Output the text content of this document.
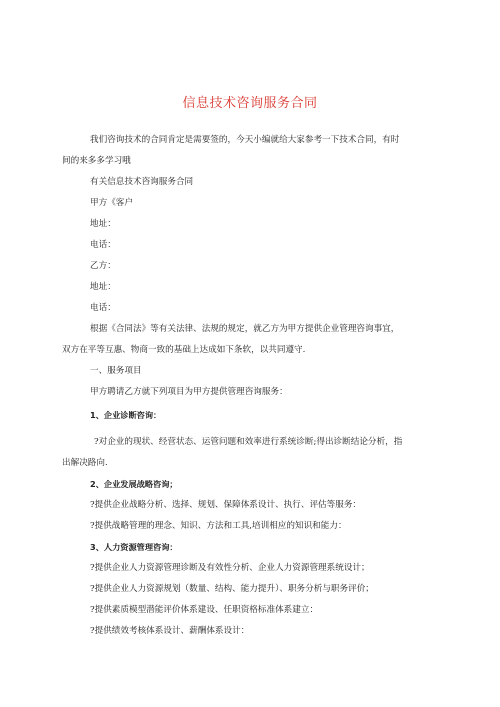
信息技术咨询服务合同
我们咨询技术的合同肯定是需要签的，今天小编就给大家参考一下技术合同，有时
间的来多多学习哦
有关信息技术咨询服务合同
甲方《客户
地址：
电话：
乙方：
地址：
电话：
根据《合同法》等有关法律、法规的规定，就乙方为甲方提供企业管理咨询事宜，
双方在平等互惠、物商一致的基础上达成如下条软，以共同遵守.
一、服务项目
甲方聘请乙方就下列项目为甲方提供管理咨询服务：
1、企业诊断咨询：
?对企业的现状、经营状态、运管问题和效率进行系统诊断;得出诊断结论分析，指
出解决路向.
2、企业发展战略咨询；
?提供企业战略分析、选择、规划、保障体系设计、执行、评估等服务：
?提供战略管理的理念、知识、方法和工具,培训相应的知识和能力：
3、人力资源管理咨询：
?提供企业人力资源管理诊断及有效性分析、企业人力资源管理系统设计；
?提供企业人力资源规划（数量、结构、能力提升）、职务分析与职务评价；
?提供素质模型潜能评价体系建设、任职资格标准体系建立：
?提供绩效考核体系设计、薪酬体系设计：
